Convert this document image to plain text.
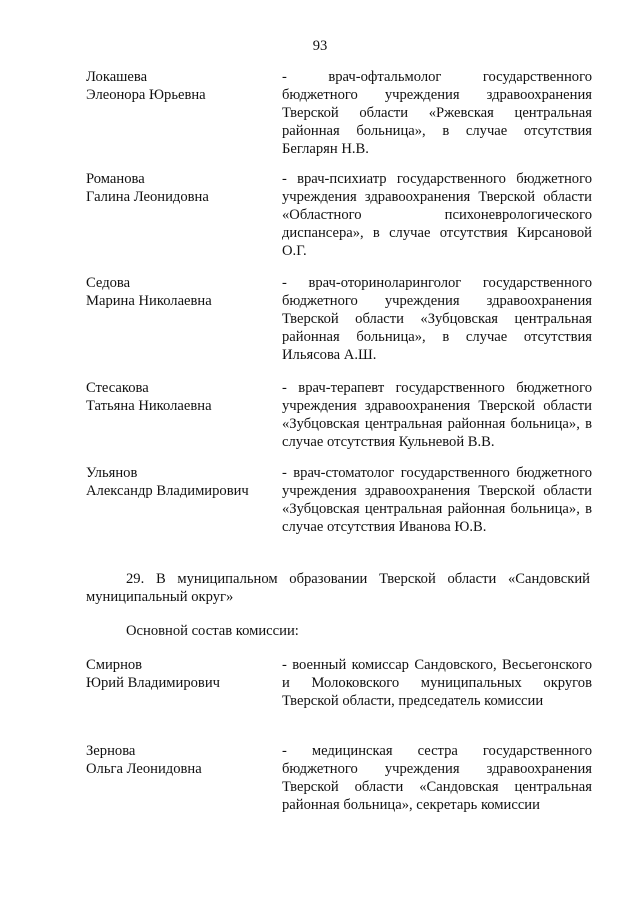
93
Локашева
Элеонора Юрьевна
- врач-офтальмолог государственного бюджетного учреждения здравоохранения Тверской области «Ржевская центральная районная больница», в случае отсутствия Бегларян Н.В.
Романова
Галина Леонидовна
- врач-психиатр государственного бюджетного учреждения здравоохранения Тверской области «Областного психоневрологического диспансера», в случае отсутствия Кирсановой О.Г.
Седова
Марина Николаевна
- врач-оториноларинголог государственного бюджетного учреждения здравоохранения Тверской области «Зубцовская центральная районная больница», в случае отсутствия Ильясова А.Ш.
Стесакова
Татьяна Николаевна
- врач-терапевт государственного бюджетного учреждения здравоохранения Тверской области «Зубцовская центральная районная больница», в случае отсутствия Кульневой В.В.
Ульянов
Александр Владимирович
- врач-стоматолог государственного бюджетного учреждения здравоохранения Тверской области «Зубцовская центральная районная больница», в случае отсутствия Иванова Ю.В.
29. В муниципальном образовании Тверской области «Сандовский муниципальный округ»
Основной состав комиссии:
Смирнов
Юрий Владимирович
- военный комиссар Сандовского, Весьегонского и Молоковского муниципальных округов Тверской области, председатель комиссии
Зернова
Ольга Леонидовна
- медицинская сестра государственного бюджетного учреждения здравоохранения Тверской области «Сандовская центральная районная больница», секретарь комиссии
